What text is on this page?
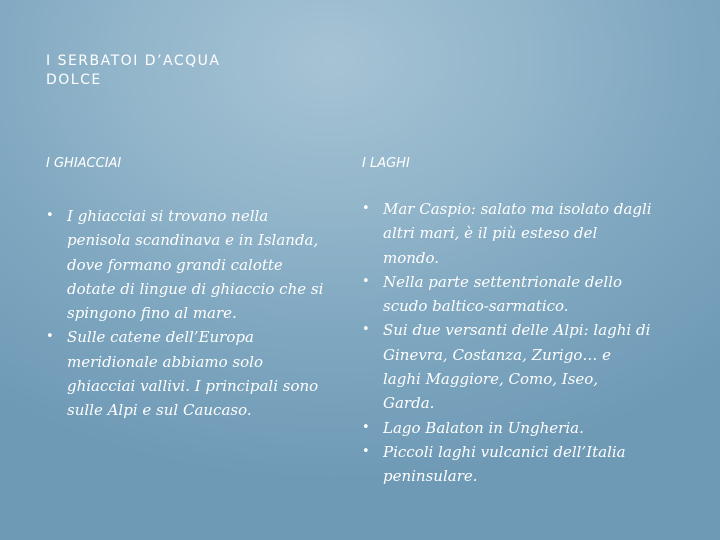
I SERBATOI D’ACQUA
DOLCE
I GHIACCIAI
• I ghiacciai si trovano nella penisola scandinava e in Islanda, dove formano grandi calotte dotate di lingue di ghiaccio che si spingono fino al mare.
• Sulle catene dell’Europa meridionale abbiamo solo ghiacciai vallivi. I principali sono sulle Alpi e sul Caucaso.
I LAGHI
• Mar Caspio: salato ma isolato dagli altri mari, è il più esteso del mondo.
• Nella parte settentrionale dello scudo baltico-sarmatico.
• Sui due versanti delle Alpi: laghi di Ginevra, Costanza, Zurigo… e laghi Maggiore, Como, Iseo, Garda.
• Lago Balaton in Ungheria.
• Piccoli laghi vulcanici dell’Italia peninsulare.
